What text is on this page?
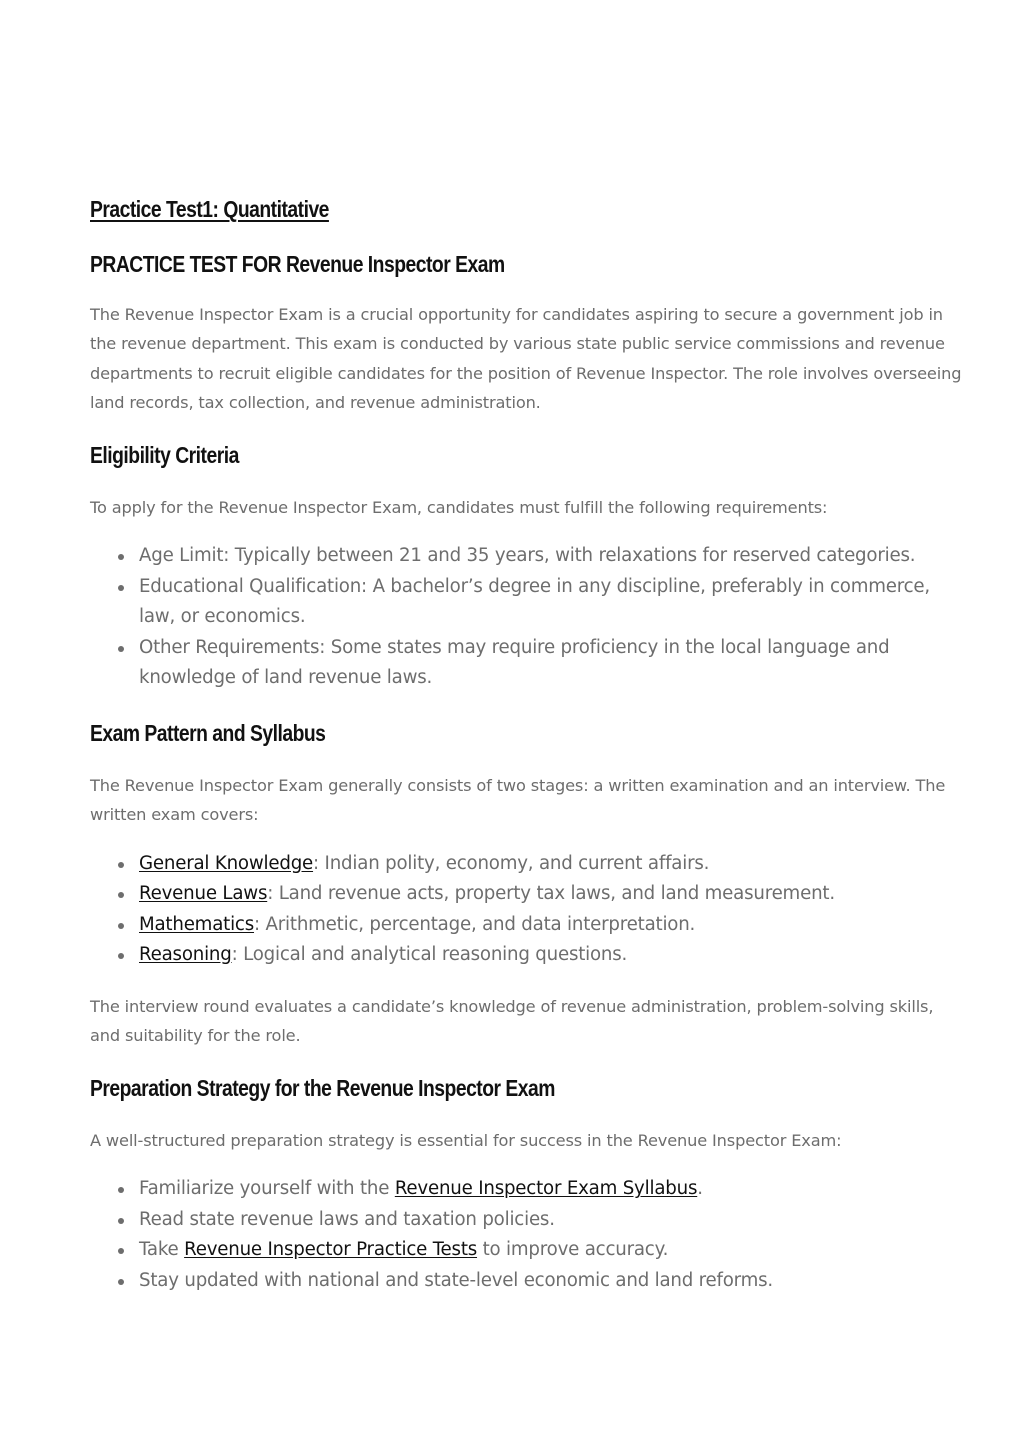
Practice Test1: Quantitative
PRACTICE TEST FOR Revenue Inspector Exam

The Revenue Inspector Exam is a crucial opportunity for candidates aspiring to secure a government job in the revenue department. This exam is conducted by various state public service commissions and revenue departments to recruit eligible candidates for the position of Revenue Inspector. The role involves overseeing land records, tax collection, and revenue administration.

Eligibility Criteria

To apply for the Revenue Inspector Exam, candidates must fulfill the following requirements:

Age Limit: Typically between 21 and 35 years, with relaxations for reserved categories.
Educational Qualification: A bachelor’s degree in any discipline, preferably in commerce, law, or economics.
Other Requirements: Some states may require proficiency in the local language and knowledge of land revenue laws.
Exam Pattern and Syllabus

The Revenue Inspector Exam generally consists of two stages: a written examination and an interview. The written exam covers:

General Knowledge: Indian polity, economy, and current affairs.
Revenue Laws: Land revenue acts, property tax laws, and land measurement.
Mathematics: Arithmetic, percentage, and data interpretation.
Reasoning: Logical and analytical reasoning questions.

The interview round evaluates a candidate’s knowledge of revenue administration, problem-solving skills, and suitability for the role.

Preparation Strategy for the Revenue Inspector Exam

A well-structured preparation strategy is essential for success in the Revenue Inspector Exam:

Familiarize yourself with the Revenue Inspector Exam Syllabus.
Read state revenue laws and taxation policies.
Take Revenue Inspector Practice Tests to improve accuracy.
Stay updated with national and state-level economic and land reforms.
